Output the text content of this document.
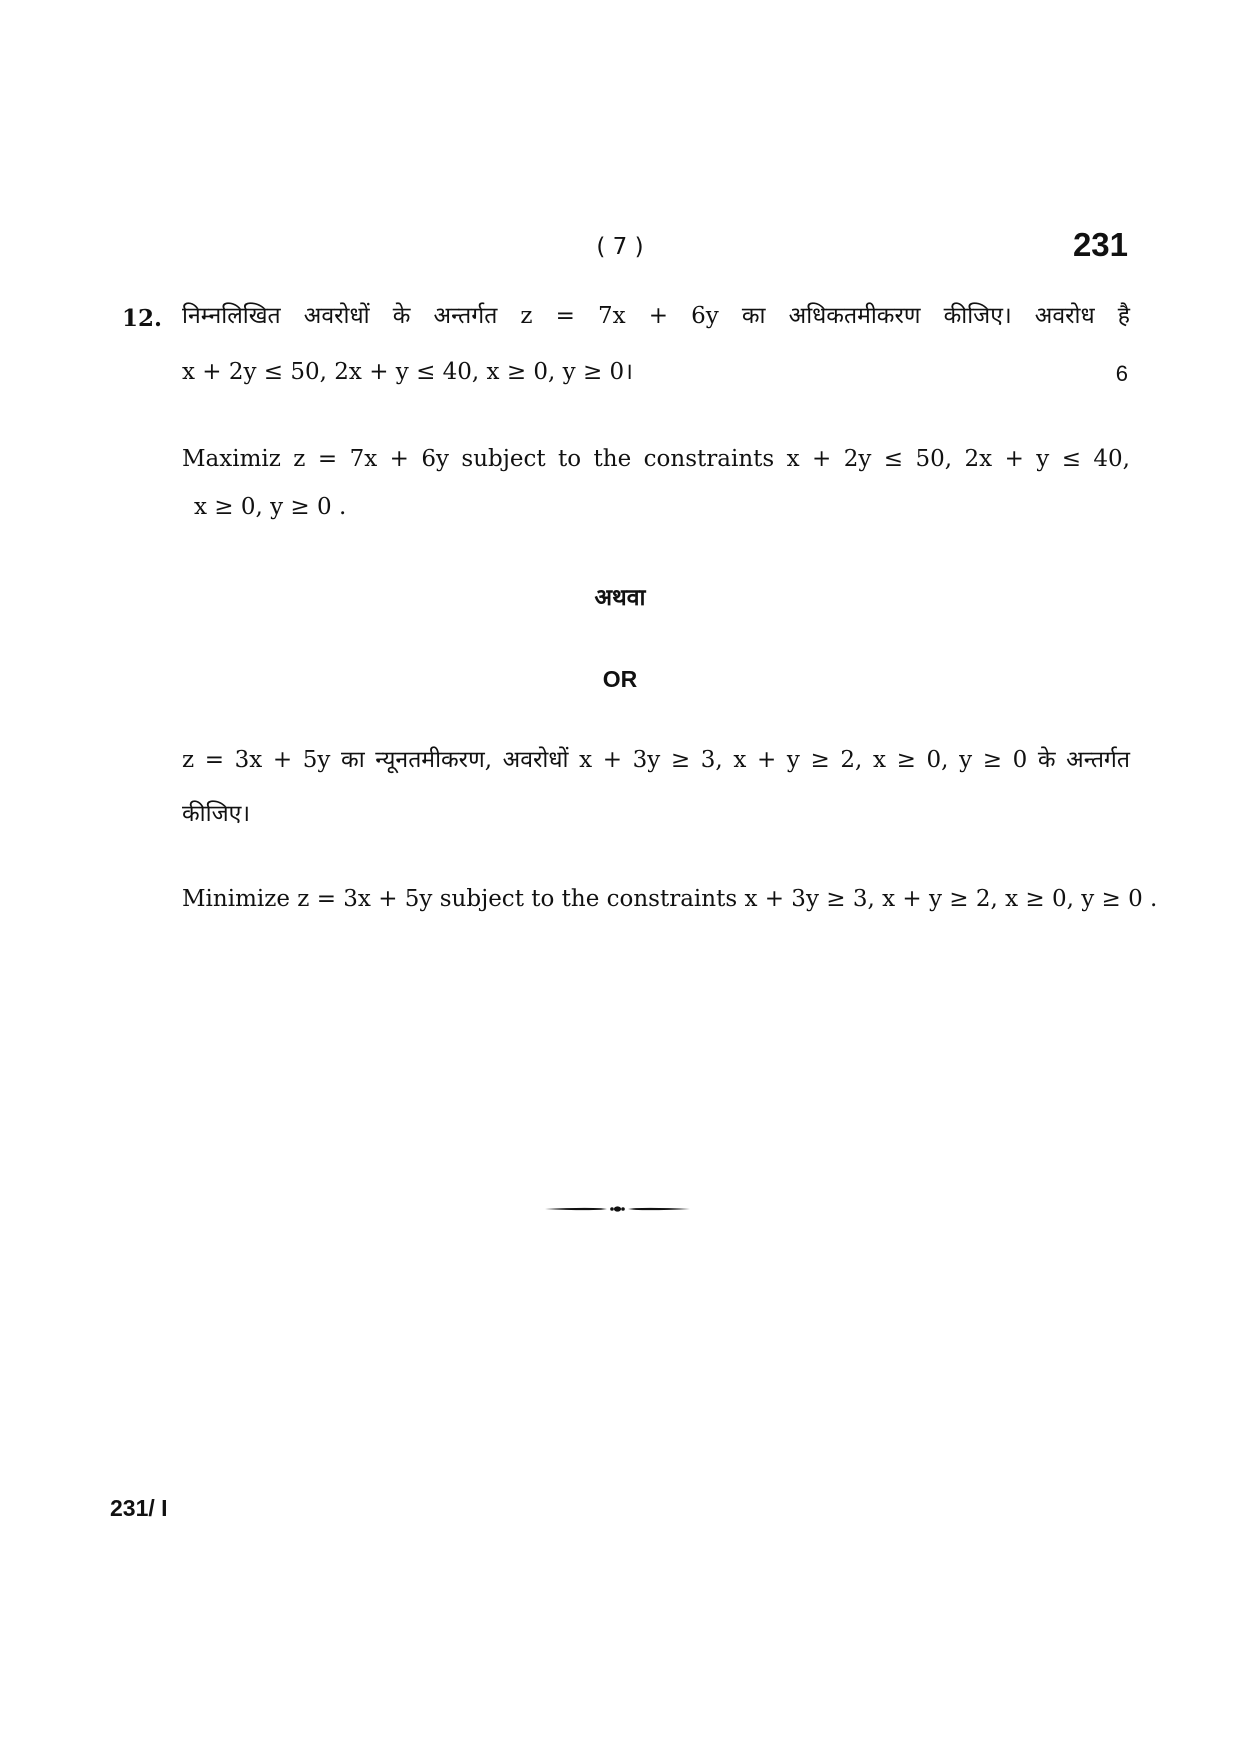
( 7 )	231
12. निम्नलिखित अवरोधों के अन्तर्गत z = 7x + 6y का अधिकतमीकरण कीजिए। अवरोध है
x + 2y ≤ 50, 2x + y ≤ 40, x ≥ 0, y ≥ 0।	6
Maximiz z = 7x + 6y subject to the constraints x + 2y ≤ 50, 2x + y ≤ 40,
x ≥ 0, y ≥ 0 .
अथवा
OR
z = 3x + 5y का न्यूनतमीकरण, अवरोधों x + 3y ≥ 3, x + y ≥ 2, x ≥ 0, y ≥ 0 के अन्तर्गत
कीजिए।
Minimize z = 3x + 5y subject to the constraints x + 3y ≥ 3, x + y ≥ 2, x ≥ 0, y ≥ 0 .
231/ I
